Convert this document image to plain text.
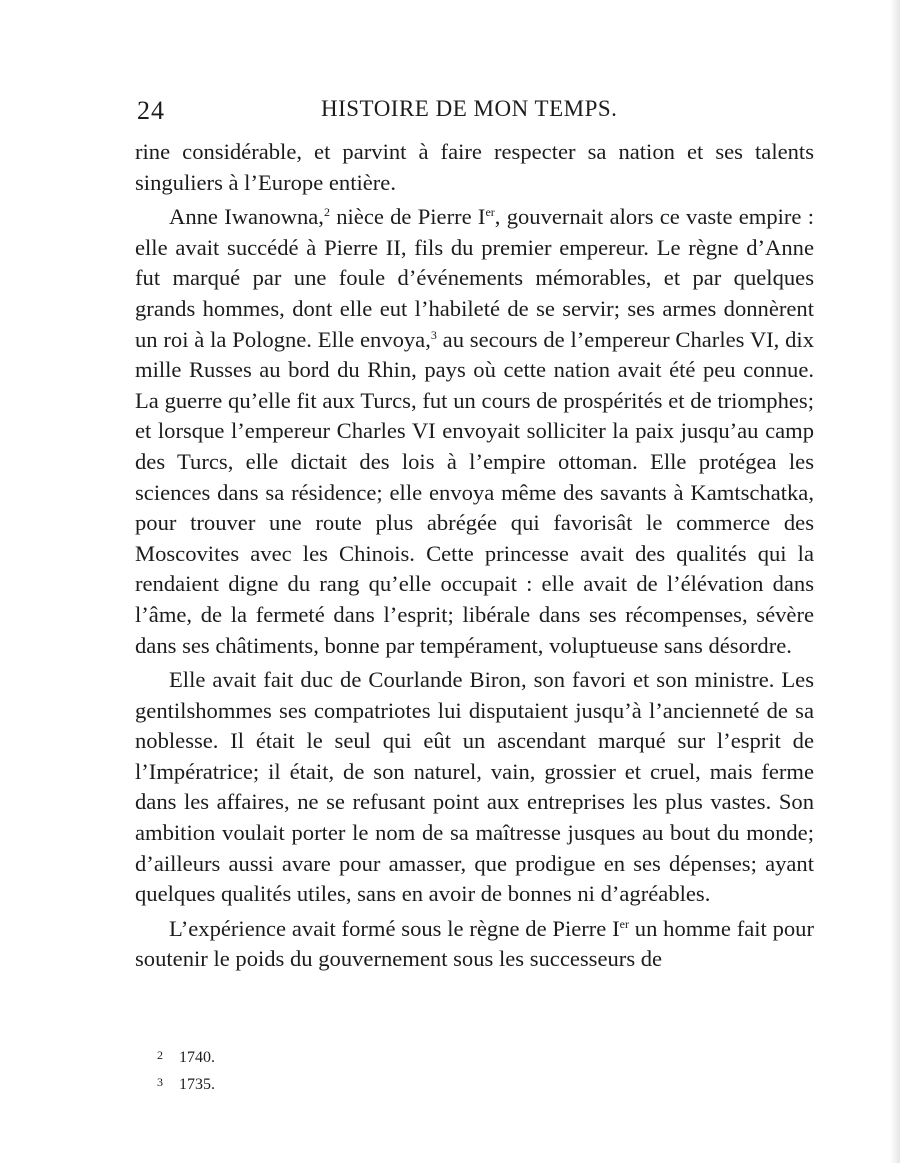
24	HISTOIRE DE MON TEMPS.

rine considérable, et parvint à faire respecter sa nation et ses talents singuliers à l’Europe entière.

Anne Iwanowna,$^2$ nièce de Pierre Ier, gouvernait alors ce vaste empire : elle avait succédé à Pierre II, fils du premier empereur. Le règne d’Anne fut marqué par une foule d’événements mémorables, et par quelques grands hommes, dont elle eut l’habileté de se servir; ses armes donnèrent un roi à la Pologne. Elle envoya,$^3$ au secours de l’empereur Charles VI, dix mille Russes au bord du Rhin, pays où cette nation avait été peu connue. La guerre qu’elle fit aux Turcs, fut un cours de prospérités et de triomphes; et lorsque l’empereur Charles VI envoyait solliciter la paix jusqu’au camp des Turcs, elle dictait des lois à l’empire ottoman. Elle protégea les sciences dans sa résidence; elle envoya même des savants à Kamtschatka, pour trouver une route plus abrégée qui favorisât le commerce des Moscovites avec les Chinois. Cette princesse avait des qualités qui la rendaient digne du rang qu’elle occupait : elle avait de l’élévation dans l’âme, de la fermeté dans l’esprit; libérale dans ses récompenses, sévère dans ses châtiments, bonne par tempérament, voluptueuse sans désordre.

Elle avait fait duc de Courlande Biron, son favori et son ministre. Les gentilshommes ses compatriotes lui disputaient jusqu’à l’ancienneté de sa noblesse. Il était le seul qui eût un ascendant marqué sur l’esprit de l’Impératrice; il était, de son naturel, vain, grossier et cruel, mais ferme dans les affaires, ne se refusant point aux entreprises les plus vastes. Son ambition voulait porter le nom de sa maîtresse jusques au bout du monde; d’ailleurs aussi avare pour amasser, que prodigue en ses dépenses; ayant quelques qualités utiles, sans en avoir de bonnes ni d’agréables.

L’expérience avait formé sous le règne de Pierre Ier un homme fait pour soutenir le poids du gouvernement sous les successeurs de

2 1740.
3 1735.
